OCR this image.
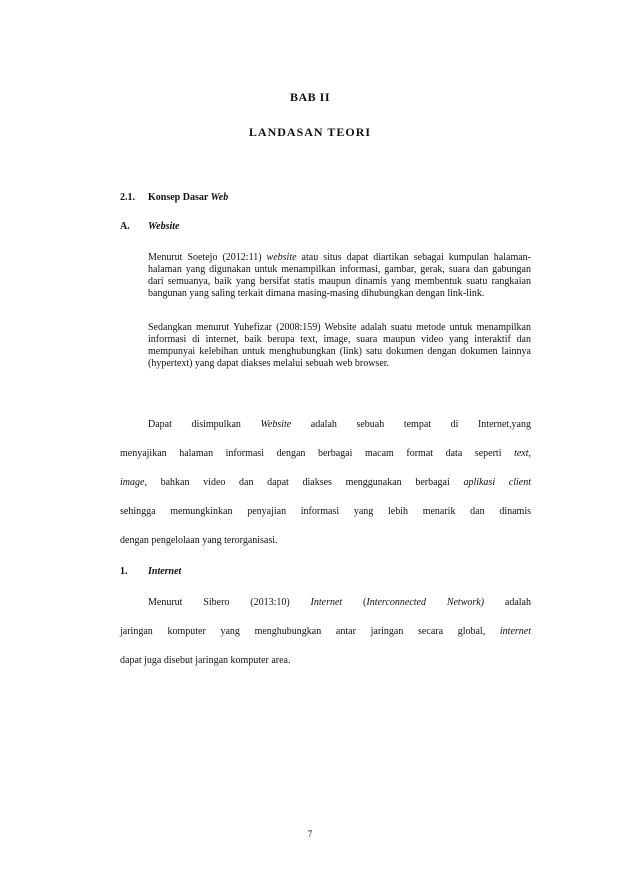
BAB II
LANDASAN TEORI
2.1. Konsep Dasar Web
A. Website
Menurut Soetejo (2012:11) website atau situs dapat diartikan sebagai kumpulan halaman-halaman yang digunakan untuk menampilkan informasi, gambar, gerak, suara dan gabungan dari semuanya, baik yang bersifat statis maupun dinamis yang membentuk suatu rangkaian bangunan yang saling terkait dimana masing-masing dihubungkan dengan link-link.
Sedangkan menurut Yuhefizar (2008:159) Website adalah suatu metode untuk menampilkan informasi di internet, baik berupa text, image, suara maupun video yang interaktif dan mempunyai kelebihan untuk menghubungkan (link) satu dokumen dengan dokumen lainnya (hypertext) yang dapat diakses melalui sebuah web browser.
Dapat disimpulkan Website adalah sebuah tempat di Internet,yang
menyajikan halaman informasi dengan berbagai macam format data seperti text,
image, bahkan video dan dapat diakses menggunakan berbagai aplikasi client
sehingga memungkinkan penyajian informasi yang lebih menarik dan dinamis
dengan pengelolaan yang terorganisasi.
1. Internet
Menurut Sibero (2013:10) Internet (Interconnected Network) adalah
jaringan komputer yang menghubungkan antar jaringan secara global, internet
dapat juga disebut jaringan komputer area.
7
